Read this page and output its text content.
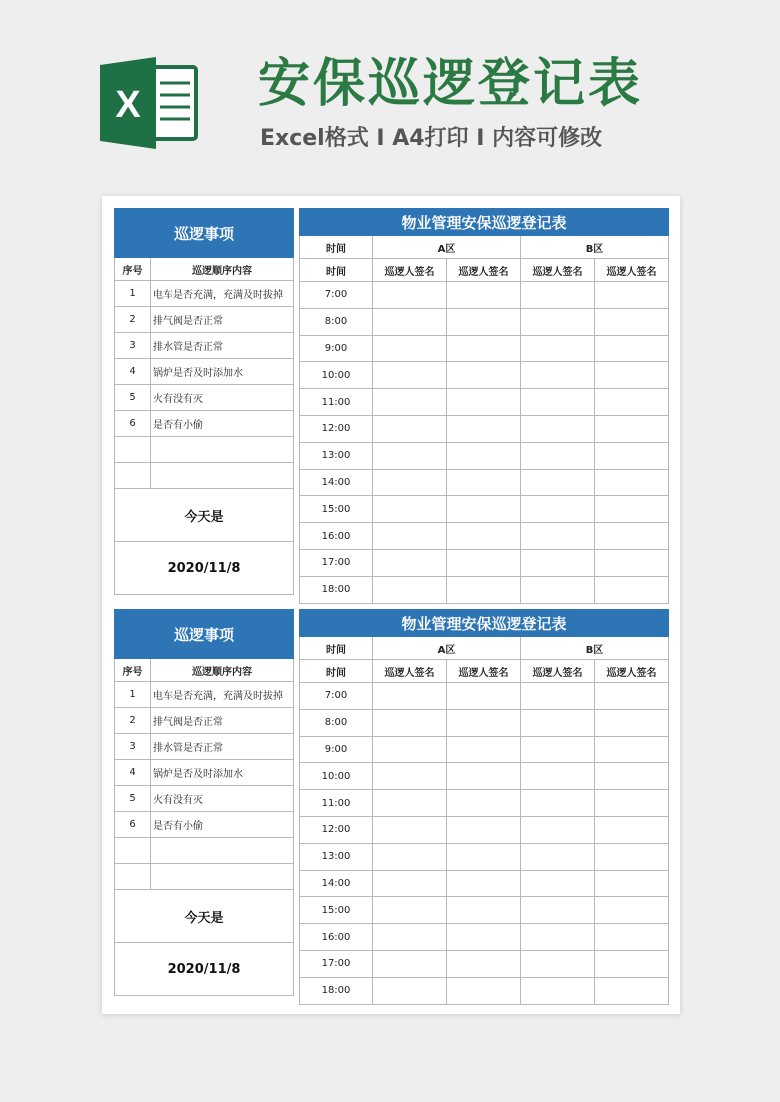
X 安保巡逻登记表
Excel格式 I A4打印 I 内容可修改
巡逻事项	
序号	巡逻顺序内容
1	电车是否充满，充满及时拔掉
2	排气阀是否正常
3	排水管是否正常
4	锅炉是否及时添加水
5	火有没有灭
6	是否有小偷

今天是	
2020/11/8	
物业管理安保巡逻登记表				
时间	A区		B区	
时间	巡逻人签名	巡逻人签名	巡逻人签名	巡逻人签名
7:00				
8:00				
9:00				
10:00				
11:00				
12:00				
13:00				
14:00				
15:00				
16:00				
17:00				
18:00				
巡逻事项	
序号	巡逻顺序内容
1	电车是否充满，充满及时拔掉
2	排气阀是否正常
3	排水管是否正常
4	锅炉是否及时添加水
5	火有没有灭
6	是否有小偷

今天是	
2020/11/8	
物业管理安保巡逻登记表				
时间	A区		B区	
时间	巡逻人签名	巡逻人签名	巡逻人签名	巡逻人签名
7:00				
8:00				
9:00				
10:00				
11:00				
12:00				
13:00				
14:00				
15:00				
16:00				
17:00				
18:00				
